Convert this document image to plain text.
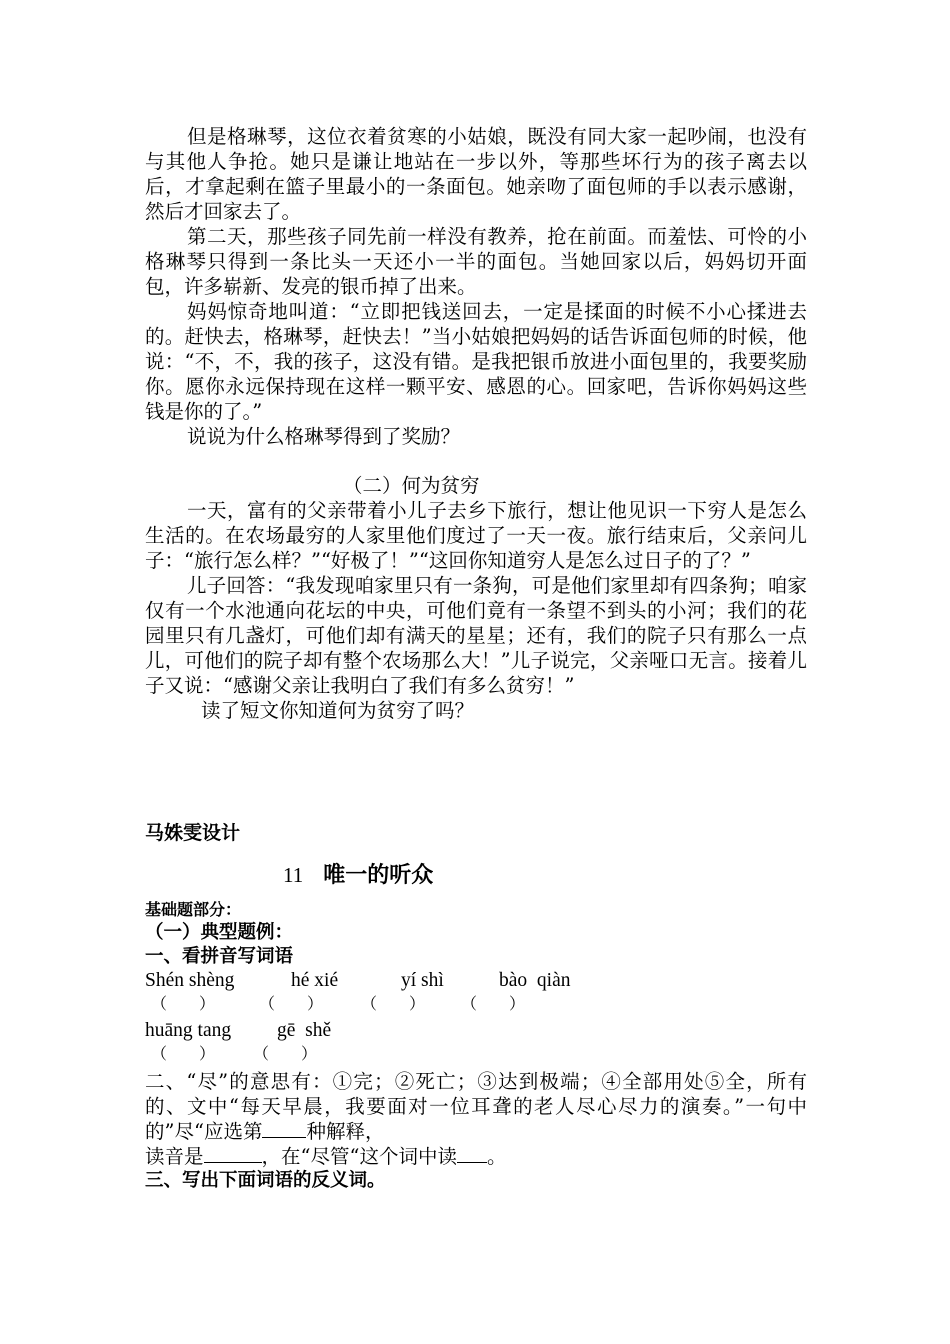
但是格琳琴，这位衣着贫寒的小姑娘，既没有同大家一起吵闹，也没有与其他人争抢。她只是谦让地站在一步以外，等那些坏行为的孩子离去以后，才拿起剩在篮子里最小的一条面包。她亲吻了面包师的手以表示感谢，然后才回家去了。

第二天，那些孩子同先前一样没有教养，抢在前面。而羞怯、可怜的小格琳琴只得到一条比头一天还小一半的面包。当她回家以后，妈妈切开面包，许多崭新、发亮的银币掉了出来。

妈妈惊奇地叫道：“立即把钱送回去，一定是揉面的时候不小心揉进去的。赶快去，格琳琴，赶快去！”当小姑娘把妈妈的话告诉面包师的时候，他说：“不，不，我的孩子，这没有错。是我把银币放进小面包里的，我要奖励你。愿你永远保持现在这样一颗平安、感恩的心。回家吧，告诉你妈妈这些钱是你的了。”

说说为什么格琳琴得到了奖励？

（二）何为贫穷

一天，富有的父亲带着小儿子去乡下旅行，想让他见识一下穷人是怎么生活的。在农场最穷的人家里他们度过了一天一夜。旅行结束后，父亲问儿子：“旅行怎么样？”“好极了！”“这回你知道穷人是怎么过日子的了？”

儿子回答：“我发现咱家里只有一条狗，可是他们家里却有四条狗；咱家仅有一个水池通向花坛的中央，可他们竟有一条望不到头的小河；我们的花园里只有几盏灯，可他们却有满天的星星；还有，我们的院子只有那么一点儿，可他们的院子却有整个农场那么大！”儿子说完，父亲哑口无言。接着儿子又说：“感谢父亲让我明白了我们有多么贫穷！”

读了短文你知道何为贫穷了吗？

马姝雯设计
11 唯一的听众
基础题部分：

（一）典型题例：

一、看拼音写词语

Shén shèng	hé xié	yí shì	bào  qiàn
（        ）	（        ） （        ） （        ）
huāng tang gē  shě
（        ） （        ）

二、“尽”的意思有：①完；②死亡；③达到极端；④全部用处⑤全，所有的、文中“每天早晨，我要面对一位耳聋的老人尽心尽力的演奏。”一句中的”尽“应选第 种解释，

读音是	，在“尽管“这个词中读 。

三、写出下面词语的反义词。
